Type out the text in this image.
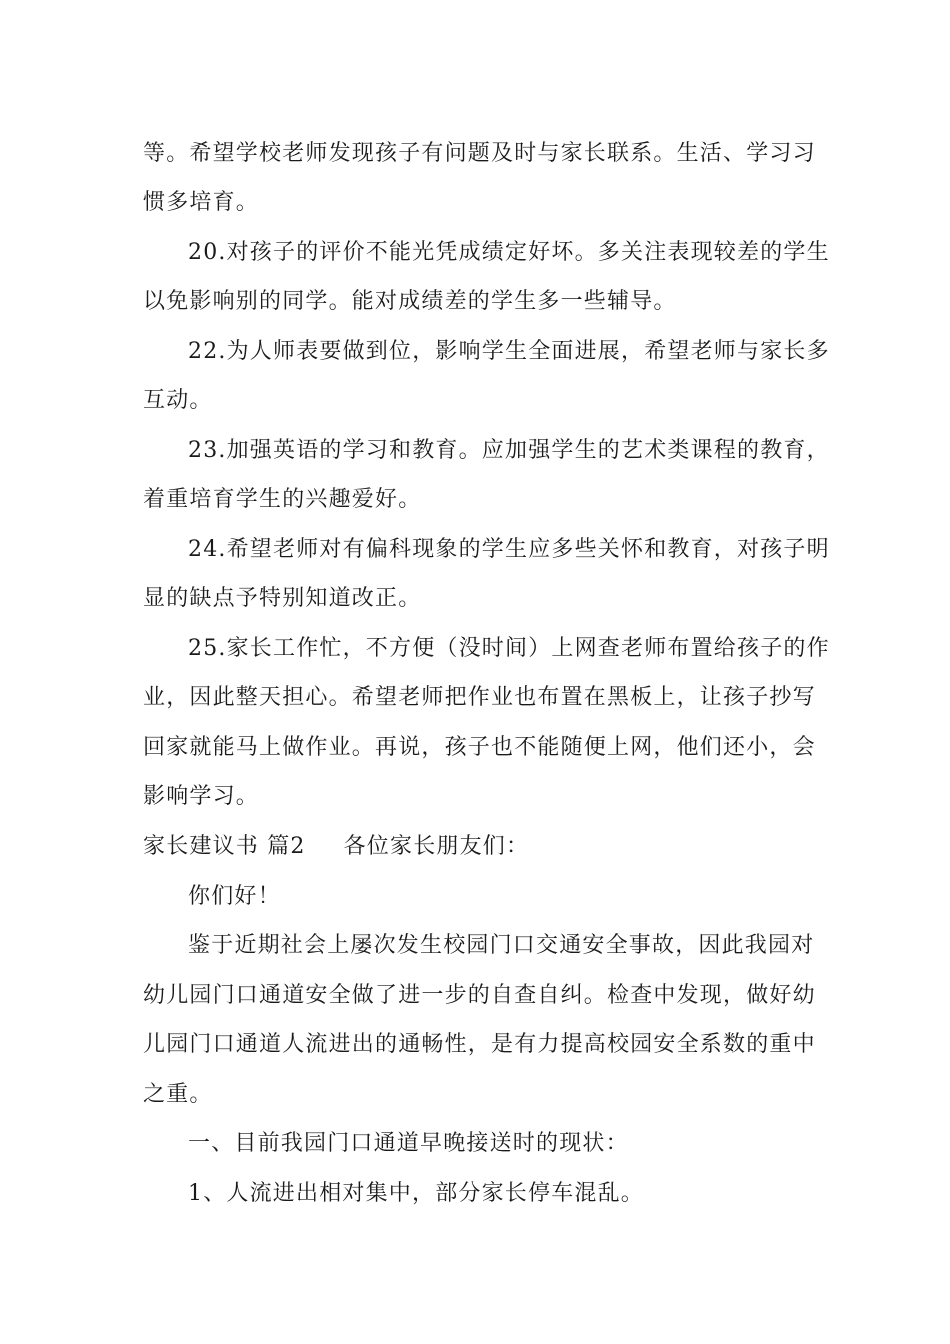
等。希望学校老师发现孩子有问题及时与家长联系。生活、学习习
惯多培育。
20.对孩子的评价不能光凭成绩定好坏。多关注表现较差的学生
以免影响别的同学。能对成绩差的学生多一些辅导。
22.为人师表要做到位，影响学生全面进展，希望老师与家长多
互动。
23.加强英语的学习和教育。应加强学生的艺术类课程的教育，
着重培育学生的兴趣爱好。
24.希望老师对有偏科现象的学生应多些关怀和教育，对孩子明
显的缺点予特别知道改正。
25.家长工作忙，不方便（没时间）上网查老师布置给孩子的作
业，因此整天担心。希望老师把作业也布置在黑板上，让孩子抄写
回家就能马上做作业。再说，孩子也不能随便上网，他们还小，会
影响学习。
家长建议书 篇2 各位家长朋友们：
你们好！
鉴于近期社会上屡次发生校园门口交通安全事故，因此我园对
幼儿园门口通道安全做了进一步的自查自纠。检查中发现，做好幼
儿园门口通道人流进出的通畅性，是有力提高校园安全系数的重中
之重。
一、目前我园门口通道早晚接送时的现状：
1、人流进出相对集中，部分家长停车混乱。
